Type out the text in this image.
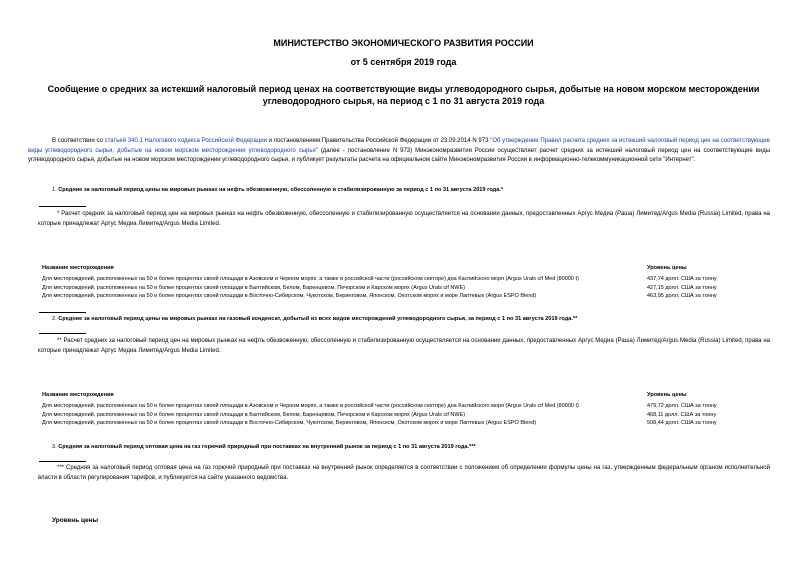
МИНИСТЕРСТВО ЭКОНОМИЧЕСКОГО РАЗВИТИЯ РОССИИ
от 5 сентября 2019 года
Сообщение о средних за истекший налоговый период ценах на соответствующие виды углеводородного сырья, добытые на новом морском месторождении
углеводородного сырья, на период с 1 по 31 августа 2019 года
В соответствии со статьей 340.1 Налогового кодекса Российской Федерации и постановлением Правительства Российской Федерации от 23.09.2014 N 973 "Об утверждении Правил расчета средних за истекший налоговый период цен на соответствующие виды углеводородного сырья, добытые на новом морском месторождении углеводородного сырья" (далее - постановление N 973) Минэкономразвития России осуществляет расчет средних за истекший налоговый период цен на соответствующие виды углеводородного сырья, добытые на новом морском месторождении углеводородного сырья, и публикует результаты расчета на официальном сайте Минэкономразвития России в информационно-телекоммуникационной сети "Интернет".
1. Средние за налоговый период цены на мировых рынках на нефть обезвоженную, обессоленную и стабилизированную за период с 1 по 31 августа 2019 года.*
* Расчет средних за налоговый период цен на мировых рынках на нефть обезвоженную, обессоленную и стабилизированную осуществляется на основании данных, предоставленных Аргус Медиа (Раша) Лимитед/Argus Media (Russia) Limited, права на которые принадлежат Аргус Медиа Лимитед/Argus Media Limited.
Название месторождения	Уровень цены

Для месторождений, расположенных на 50 и более процентах своей площади в Азовском и Черном морях, а также в российской части (российском секторе) дна Каспийского моря (Argus Urals cif Med (80000 t)	437,74 долл. США за тонну
Для месторождений, расположенных на 50 и более процентах своей площади в Балтийском, Белом, Баренцевом, Печорском и Карском морях (Argus Urals cif NWE)	427,15 долл. США за тонну
Для месторождений, расположенных на 50 и более процентах своей площади в Восточно-Сибирском, Чукотском, Беринговом, Японском, Охотском морях и море Лаптевых (Argus ESPO Blend)	463,95 долл. США за тонну
2. Средние за налоговый период цены на мировых рынках на газовый конденсат, добытый из всех видов месторождений углеводородного сырья, за период с 1 по 31 августа 2019 года.**
** Расчет средних за налоговый период цен на мировых рынках на нефть обезвоженную, обессоленную и стабилизированную осуществляется на основании данных, предоставленных Аргус Медиа (Раша) Лимитед/Argus Media (Russia) Limited, права на которые принадлежат Аргус Медиа Лимитед/Argus Media Limited.
Название месторождения	Уровень цены

Для месторождений, расположенных на 50 и более процентах своей площади в Азовском и Черном морях, а также в российской части (российском секторе) дна Каспийского моря (Argus Urals cif Med (80000 t)	479,72 долл. США за тонну
Для месторождений, расположенных на 50 и более процентах своей площади в Балтийском, Белом, Баренцевом, Печорском и Карском морях (Argus Urals cif NWE)	468,11 долл. США за тонну
Для месторождений, расположенных на 50 и более процентах своей площади в Восточно-Сибирском, Чукотском, Беринговом, Японском, Охотском морях и море Лаптевых (Argus ESPO Blend)	508,44 долл. США за тонну
3. Средняя за налоговый период оптовая цена на газ горючий природный при поставках на внутренний рынок за период с 1 по 31 августа 2019 года.***
*** Средняя за налоговый период оптовая цена на газ горючий природный при поставках на внутренний рынок определяется в соответствии с положением об определении формулы цены на газ, утвержденным федеральным органом исполнительной власти в области регулирования тарифов, и публикуется на сайте указанного ведомства.
Уровень цены
